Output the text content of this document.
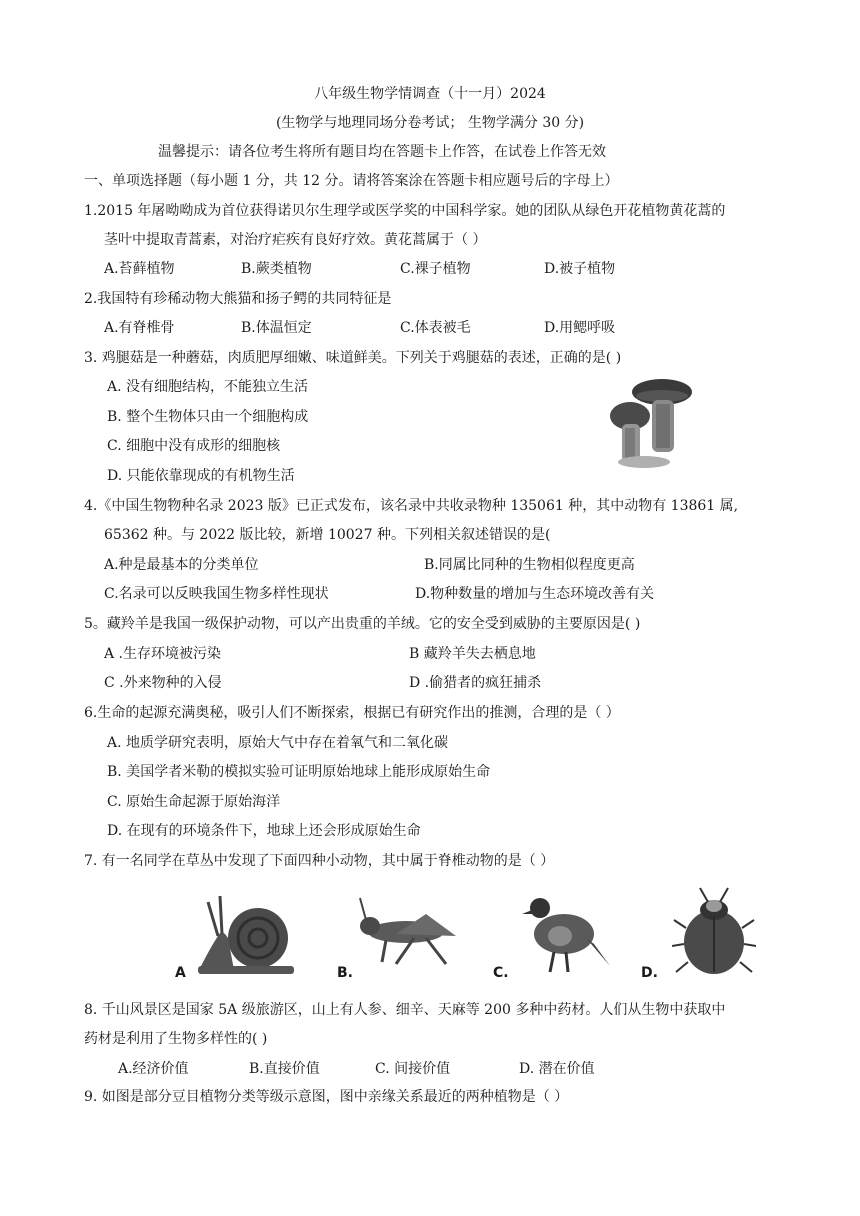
八年级生物学情调查（十一月）2024
(生物学与地理同场分卷考试； 生物学满分 30 分)
温馨提示：请各位考生将所有题目均在答题卡上作答，在试卷上作答无效
一、单项选择题（每小题 1 分，共 12 分。请将答案涂在答题卡相应题号后的字母上）
1.2015 年屠呦呦成为首位获得诺贝尔生理学或医学奖的中国科学家。她的团队从绿色开花植物黄花蒿的
茎叶中提取青蒿素，对治疗疟疾有良好疗效。黄花蒿属于（ ）
A.苔藓植物	B.蕨类植物	C.裸子植物	D.被子植物
2.我国特有珍稀动物大熊猫和扬子鳄的共同特征是
A.有脊椎骨	B.体温恒定	C.体表被毛	D.用鳃呼吸
3. 鸡腿菇是一种蘑菇，肉质肥厚细嫩、味道鲜美。下列关于鸡腿菇的表述，正确的是( )
A. 没有细胞结构，不能独立生活
B. 整个生物体只由一个细胞构成
C. 细胞中没有成形的细胞核
D. 只能依靠现成的有机物生活
4.《中国生物物种名录 2023 版》已正式发布，该名录中共收录物种 135061 种，其中动物有 13861 属,
65362 种。与 2022 版比较，新增 10027 种。下列相关叙述错误的是(
A.种是最基本的分类单位	B.同属比同种的生物相似程度更高
C.名录可以反映我国生物多样性现状	D.物种数量的增加与生态环境改善有关
5。藏羚羊是我国一级保护动物，可以产出贵重的羊绒。它的安全受到威胁的主要原因是( )
A .生存环境被污染	B 藏羚羊失去栖息地
C .外来物种的入侵	D .偷猎者的疯狂捕杀
6.生命的起源充满奥秘，吸引人们不断探索，根据已有研究作出的推测，合理的是（ ）
A. 地质学研究表明，原始大气中存在着氧气和二氧化碳
B. 美国学者米勒的模拟实验可证明原始地球上能形成原始生命
C. 原始生命起源于原始海洋
D. 在现有的环境条件下，地球上还会形成原始生命
7. 有一名同学在草丛中发现了下面四种小动物，其中属于脊椎动物的是（ ）
A	B.	C.	D.
8. 千山风景区是国家 5A 级旅游区，山上有人参、细辛、天麻等 200 多种中药材。人们从生物中获取中
药材是利用了生物多样性的( )
A.经济价值	B.直接价值	C. 间接价值	D. 潜在价值
9. 如图是部分豆目植物分类等级示意图，图中亲缘关系最近的两种植物是（ ）
